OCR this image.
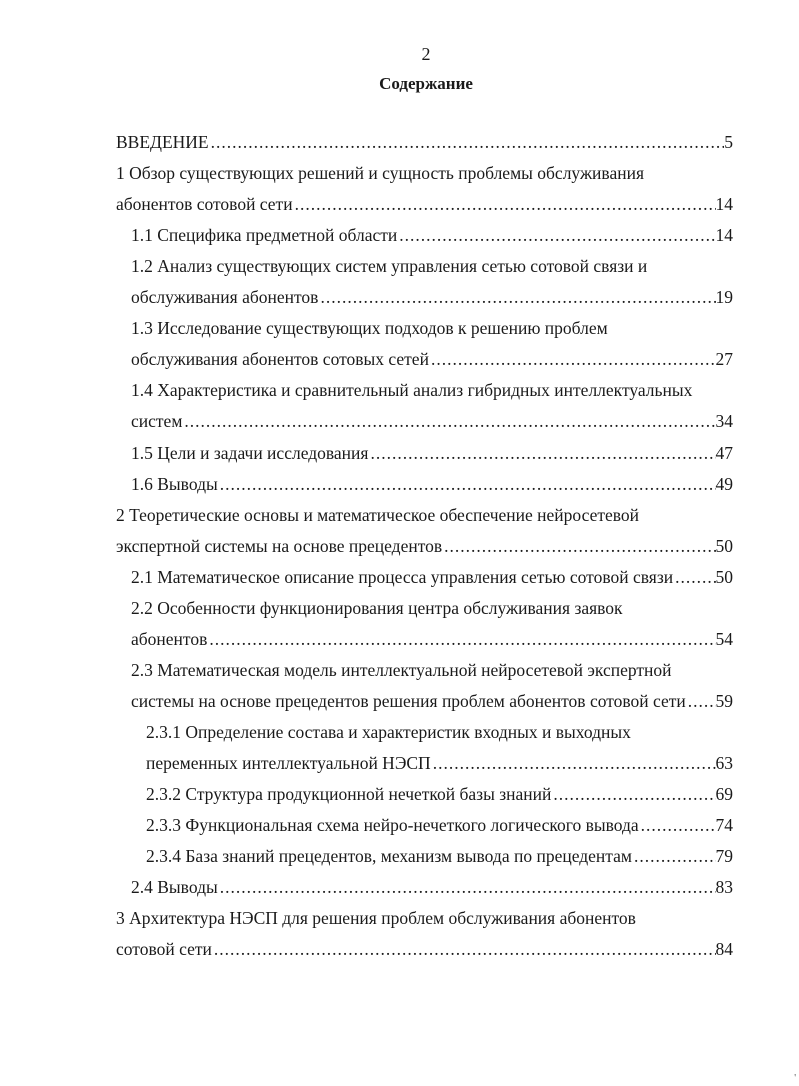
2
Содержание
ВВЕДЕНИЕ .....	5
1 Обзор существующих решений и сущность проблемы обслуживания
абонентов сотовой сети .....	14
1.1 Специфика предметной области .....	14
1.2 Анализ существующих систем управления сетью сотовой связи и
обслуживания абонентов .....	19
1.3 Исследование существующих подходов к решению проблем
обслуживания абонентов сотовых сетей .....	27
1.4 Характеристика и сравнительный анализ гибридных интеллектуальных
систем .....	34
1.5 Цели и задачи исследования .....	47
1.6 Выводы .....	49
2 Теоретические основы и математическое обеспечение нейросетевой
экспертной системы на основе прецедентов .....	50
2.1 Математическое описание процесса управления сетью сотовой связи ..... 50
2.2 Особенности функционирования центра обслуживания заявок
абонентов .....	54
2.3 Математическая модель интеллектуальной нейросетевой экспертной
системы на основе прецедентов решения проблем абонентов сотовой сети ..... 59
2.3.1 Определение состава и характеристик входных и выходных
переменных интеллектуальной НЭСП .....	63
2.3.2 Структура продукционной нечеткой базы знаний .....	69
2.3.3 Функциональная схема нейро-нечеткого логического вывода .....	74
2.3.4 База знаний прецедентов, механизм вывода по прецедентам .....	79
2.4 Выводы .....	83
3 Архитектура НЭСП для решения проблем обслуживания абонентов
сотовой сети .....	84
'
